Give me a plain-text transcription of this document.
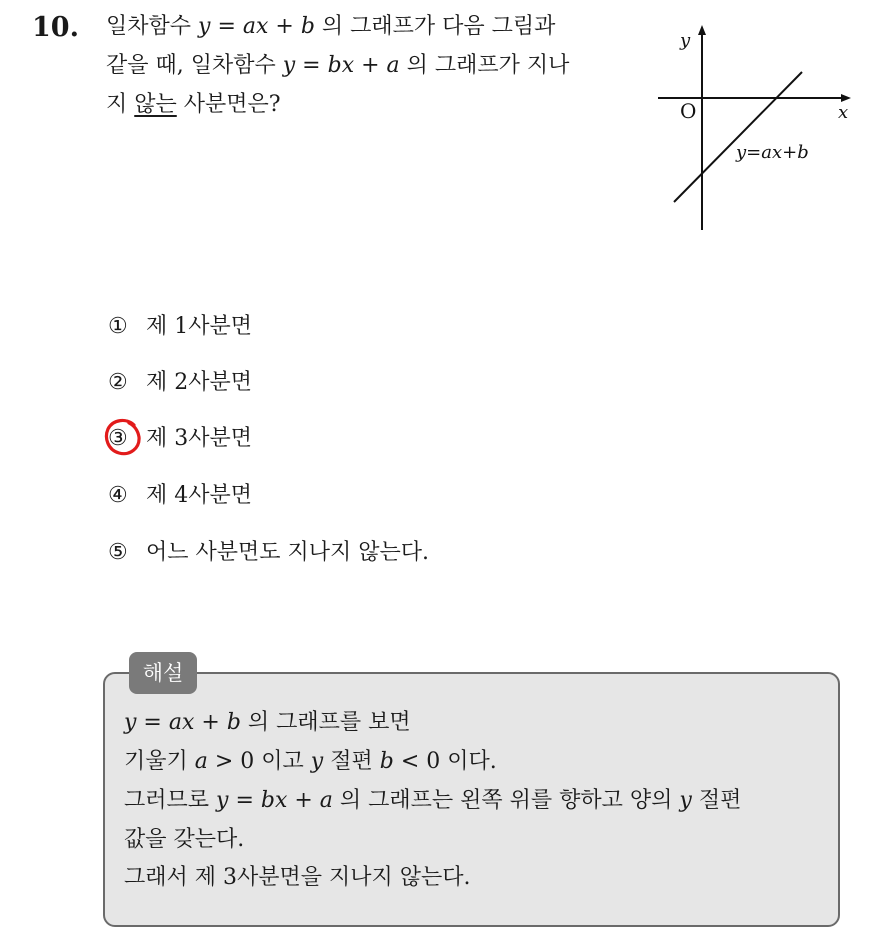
10. 일차함수 y = ax + b 의 그래프가 다음 그림과
같을 때, 일차함수 y = bx + a 의 그래프가 지나
지 않는 사분면은?
y
x
O
y=ax+b
① 제 1사분면
② 제 2사분면
③ 제 3사분면
④ 제 4사분면
⑤ 어느 사분면도 지나지 않는다.
해설
y = ax + b 의 그래프를 보면
기울기 a > 0 이고 y 절편 b < 0 이다.
그러므로 y = bx + a 의 그래프는 왼쪽 위를 향하고 양의 y 절편
값을 갖는다.
그래서 제 3사분면을 지나지 않는다.
